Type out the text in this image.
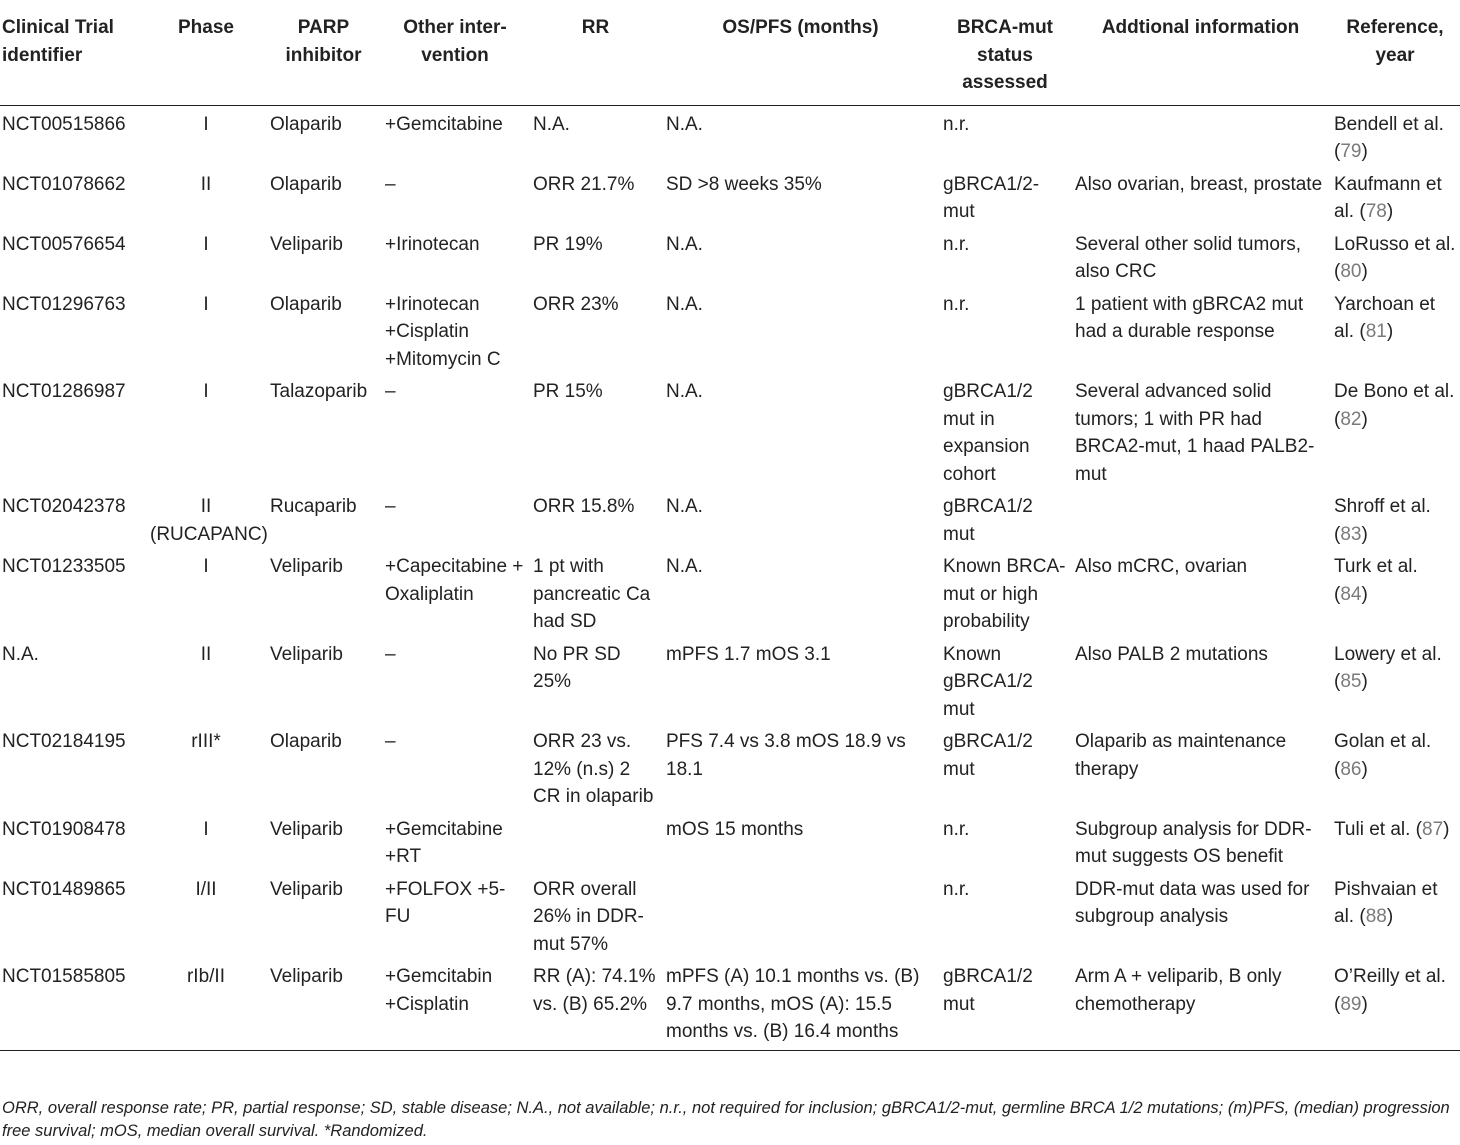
Clinical Trial identifier	Phase	PARP inhibitor	Other inter-vention	RR	OS/PFS (months)	BRCA-mut status assessed	Addtional information	Reference, year
NCT00515866	I	Olaparib	+Gemcitabine	N.A.	N.A.	n.r.		Bendell et al. (79)
NCT01078662	II	Olaparib	–	ORR 21.7%	SD >8 weeks 35%	gBRCA1/2-mut	Also ovarian, breast, prostate	Kaufmann et al. (78)
NCT00576654	I	Veliparib	+Irinotecan	PR 19%	N.A.	n.r.	Several other solid tumors, also CRC	LoRusso et al. (80)
NCT01296763	I	Olaparib	+Irinotecan +Cisplatin +Mitomycin C	ORR 23%	N.A.	n.r.	1 patient with gBRCA2 mut had a durable response	Yarchoan et al. (81)
NCT01286987	I	Talazoparib	–	PR 15%	N.A.	gBRCA1/2 mut in expansion cohort	Several advanced solid tumors; 1 with PR had BRCA2-mut, 1 haad PALB2-mut	De Bono et al. (82)
NCT02042378	II (RUCAPANC)	Rucaparib	–	ORR 15.8%	N.A.	gBRCA1/2 mut		Shroff et al. (83)
NCT01233505	I	Veliparib	+Capecitabine + Oxaliplatin	1 pt with pancreatic Ca had SD	N.A.	Known BRCA-mut or high probability	Also mCRC, ovarian	Turk et al. (84)
N.A.	II	Veliparib	–	No PR SD 25%	mPFS 1.7 mOS 3.1	Known gBRCA1/2 mut	Also PALB 2 mutations	Lowery et al. (85)
NCT02184195	rIII*	Olaparib	–	ORR 23 vs. 12% (n.s) 2 CR in olaparib	PFS 7.4 vs 3.8 mOS 18.9 vs 18.1	gBRCA1/2 mut	Olaparib as maintenance therapy	Golan et al. (86)
NCT01908478	I	Veliparib	+Gemcitabine +RT		mOS 15 months	n.r.	Subgroup analysis for DDR-mut suggests OS benefit	Tuli et al. (87)
NCT01489865	I/II	Veliparib	+FOLFOX +5-FU	ORR overall 26% in DDR-mut 57%		n.r.	DDR-mut data was used for subgroup analysis	Pishvaian et al. (88)
NCT01585805	rIb/II	Veliparib	+Gemcitabin +Cisplatin	RR (A): 74.1% vs. (B) 65.2%	mPFS (A) 10.1 months vs. (B) 9.7 months, mOS (A): 15.5 months vs. (B) 16.4 months	gBRCA1/2 mut	Arm A + veliparib, B only chemotherapy	O’Reilly et al. (89)
ORR, overall response rate; PR, partial response; SD, stable disease; N.A., not available; n.r., not required for inclusion; gBRCA1/2-mut, germline BRCA 1/2 mutations; (m)PFS, (median) progression free survival; mOS, median overall survival. *Randomized.
